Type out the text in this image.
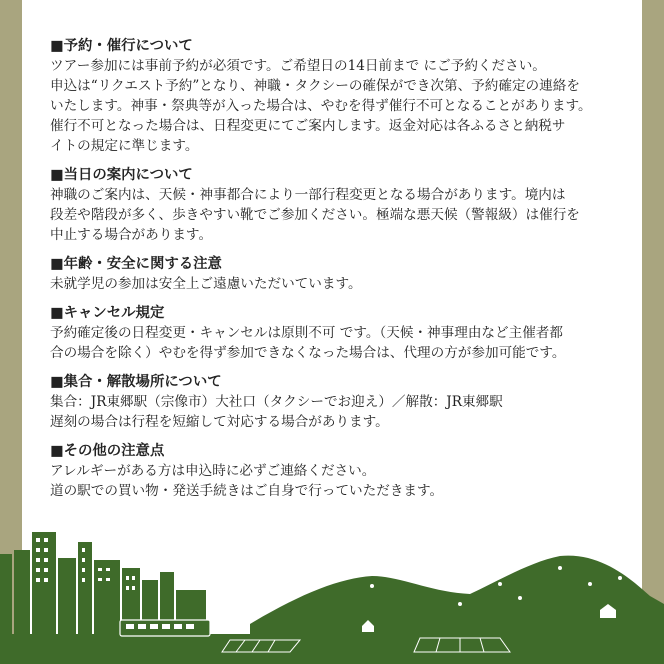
■予約・催行について
ツアー参加には事前予約が必須です。ご希望日の14日前まで にご予約ください。
申込は“リクエスト予約”となり、神職・タクシーの確保ができ次第、予約確定の連絡を
いたします。神事・祭典等が入った場合は、やむを得ず催行不可となることがあります。
催行不可となった場合は、日程変更にてご案内します。返金対応は各ふるさと納税サ
イトの規定に準じます。
■当日の案内について
神職のご案内は、天候・神事都合により一部行程変更となる場合があります。境内は
段差や階段が多く、歩きやすい靴でご参加ください。極端な悪天候（警報級）は催行を
中止する場合があります。
■年齢・安全に関する注意
未就学児の参加は安全上ご遠慮いただいています。
■キャンセル規定
予約確定後の日程変更・キャンセルは原則不可 です。（天候・神事理由など主催者都
合の場合を除く）やむを得ず参加できなくなった場合は、代理の方が参加可能です。
■集合・解散場所について
集合：JR東郷駅（宗像市）大社口（タクシーでお迎え）／解散：JR東郷駅
遅刻の場合は行程を短縮して対応する場合があります。
■その他の注意点
アレルギーがある方は申込時に必ずご連絡ください。
道の駅での買い物・発送手続きはご自身で行っていただきます。
